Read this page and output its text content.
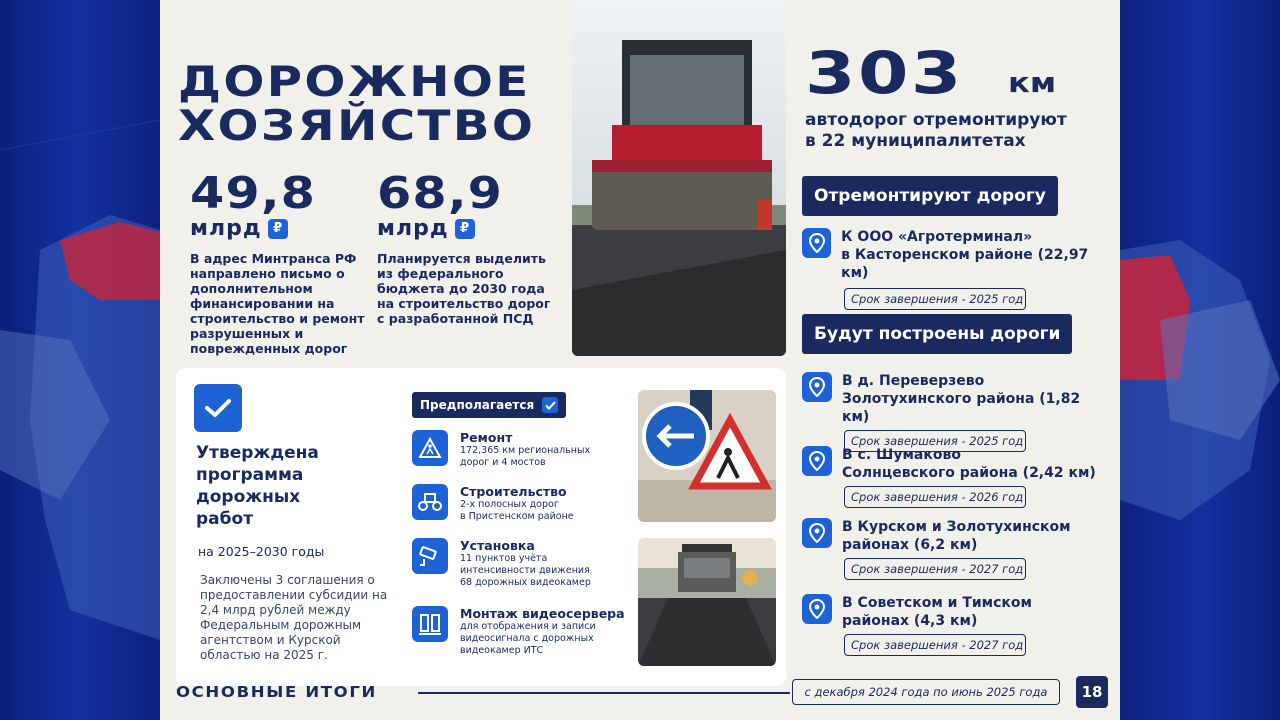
ДОРОЖНОЕ
ХОЗЯЙСТВО
49,8
млрд ₽
В адрес Минтранса РФ направлено письмо о дополнительном финансировании на строительство и ремонт разрушенных и поврежденных дорог
68,9
млрд ₽
Планируется выделить из федерального бюджета до 2030 года на строительство дорог с разработанной ПСД
303 км
автодорог отремонтируют
в 22 муниципалитетах
Отремонтируют дорогу
К ООО «Агротерминал»
в Касторенском районе (22,97 км)
Срок завершения - 2025 год
Будут построены дороги
В д. Переверзево
Золотухинского района (1,82 км)
Срок завершения - 2025 год
В с. Шумаково
Солнцевского района (2,42 км)
Срок завершения - 2026 год
В Курском и Золотухинском
районах (6,2 км)
Срок завершения - 2027 год
В Советском и Тимском
районах (4,3 км)
Срок завершения - 2027 год
Утверждена
программа
дорожных
работ
на 2025–2030 годы
Заключены 3 соглашения о предоставлении субсидии на 2,4 млрд рублей между Федеральным дорожным агентством и Курской областью на 2025 г.
Предполагается
Ремонт
172,365 км региональных
дорог и 4 мостов
Строительство
2-х полосных дорог
в Пристенском районе
Установка
11 пунктов учёта
интенсивности движения
68 дорожных видеокамер
Монтаж видеосервера
для отображения и записи
видеосигнала с дорожных
видеокамер ИТС
ОСНОВНЫЕ ИТОГИ	с декабря 2024 года по июнь 2025 года	18
